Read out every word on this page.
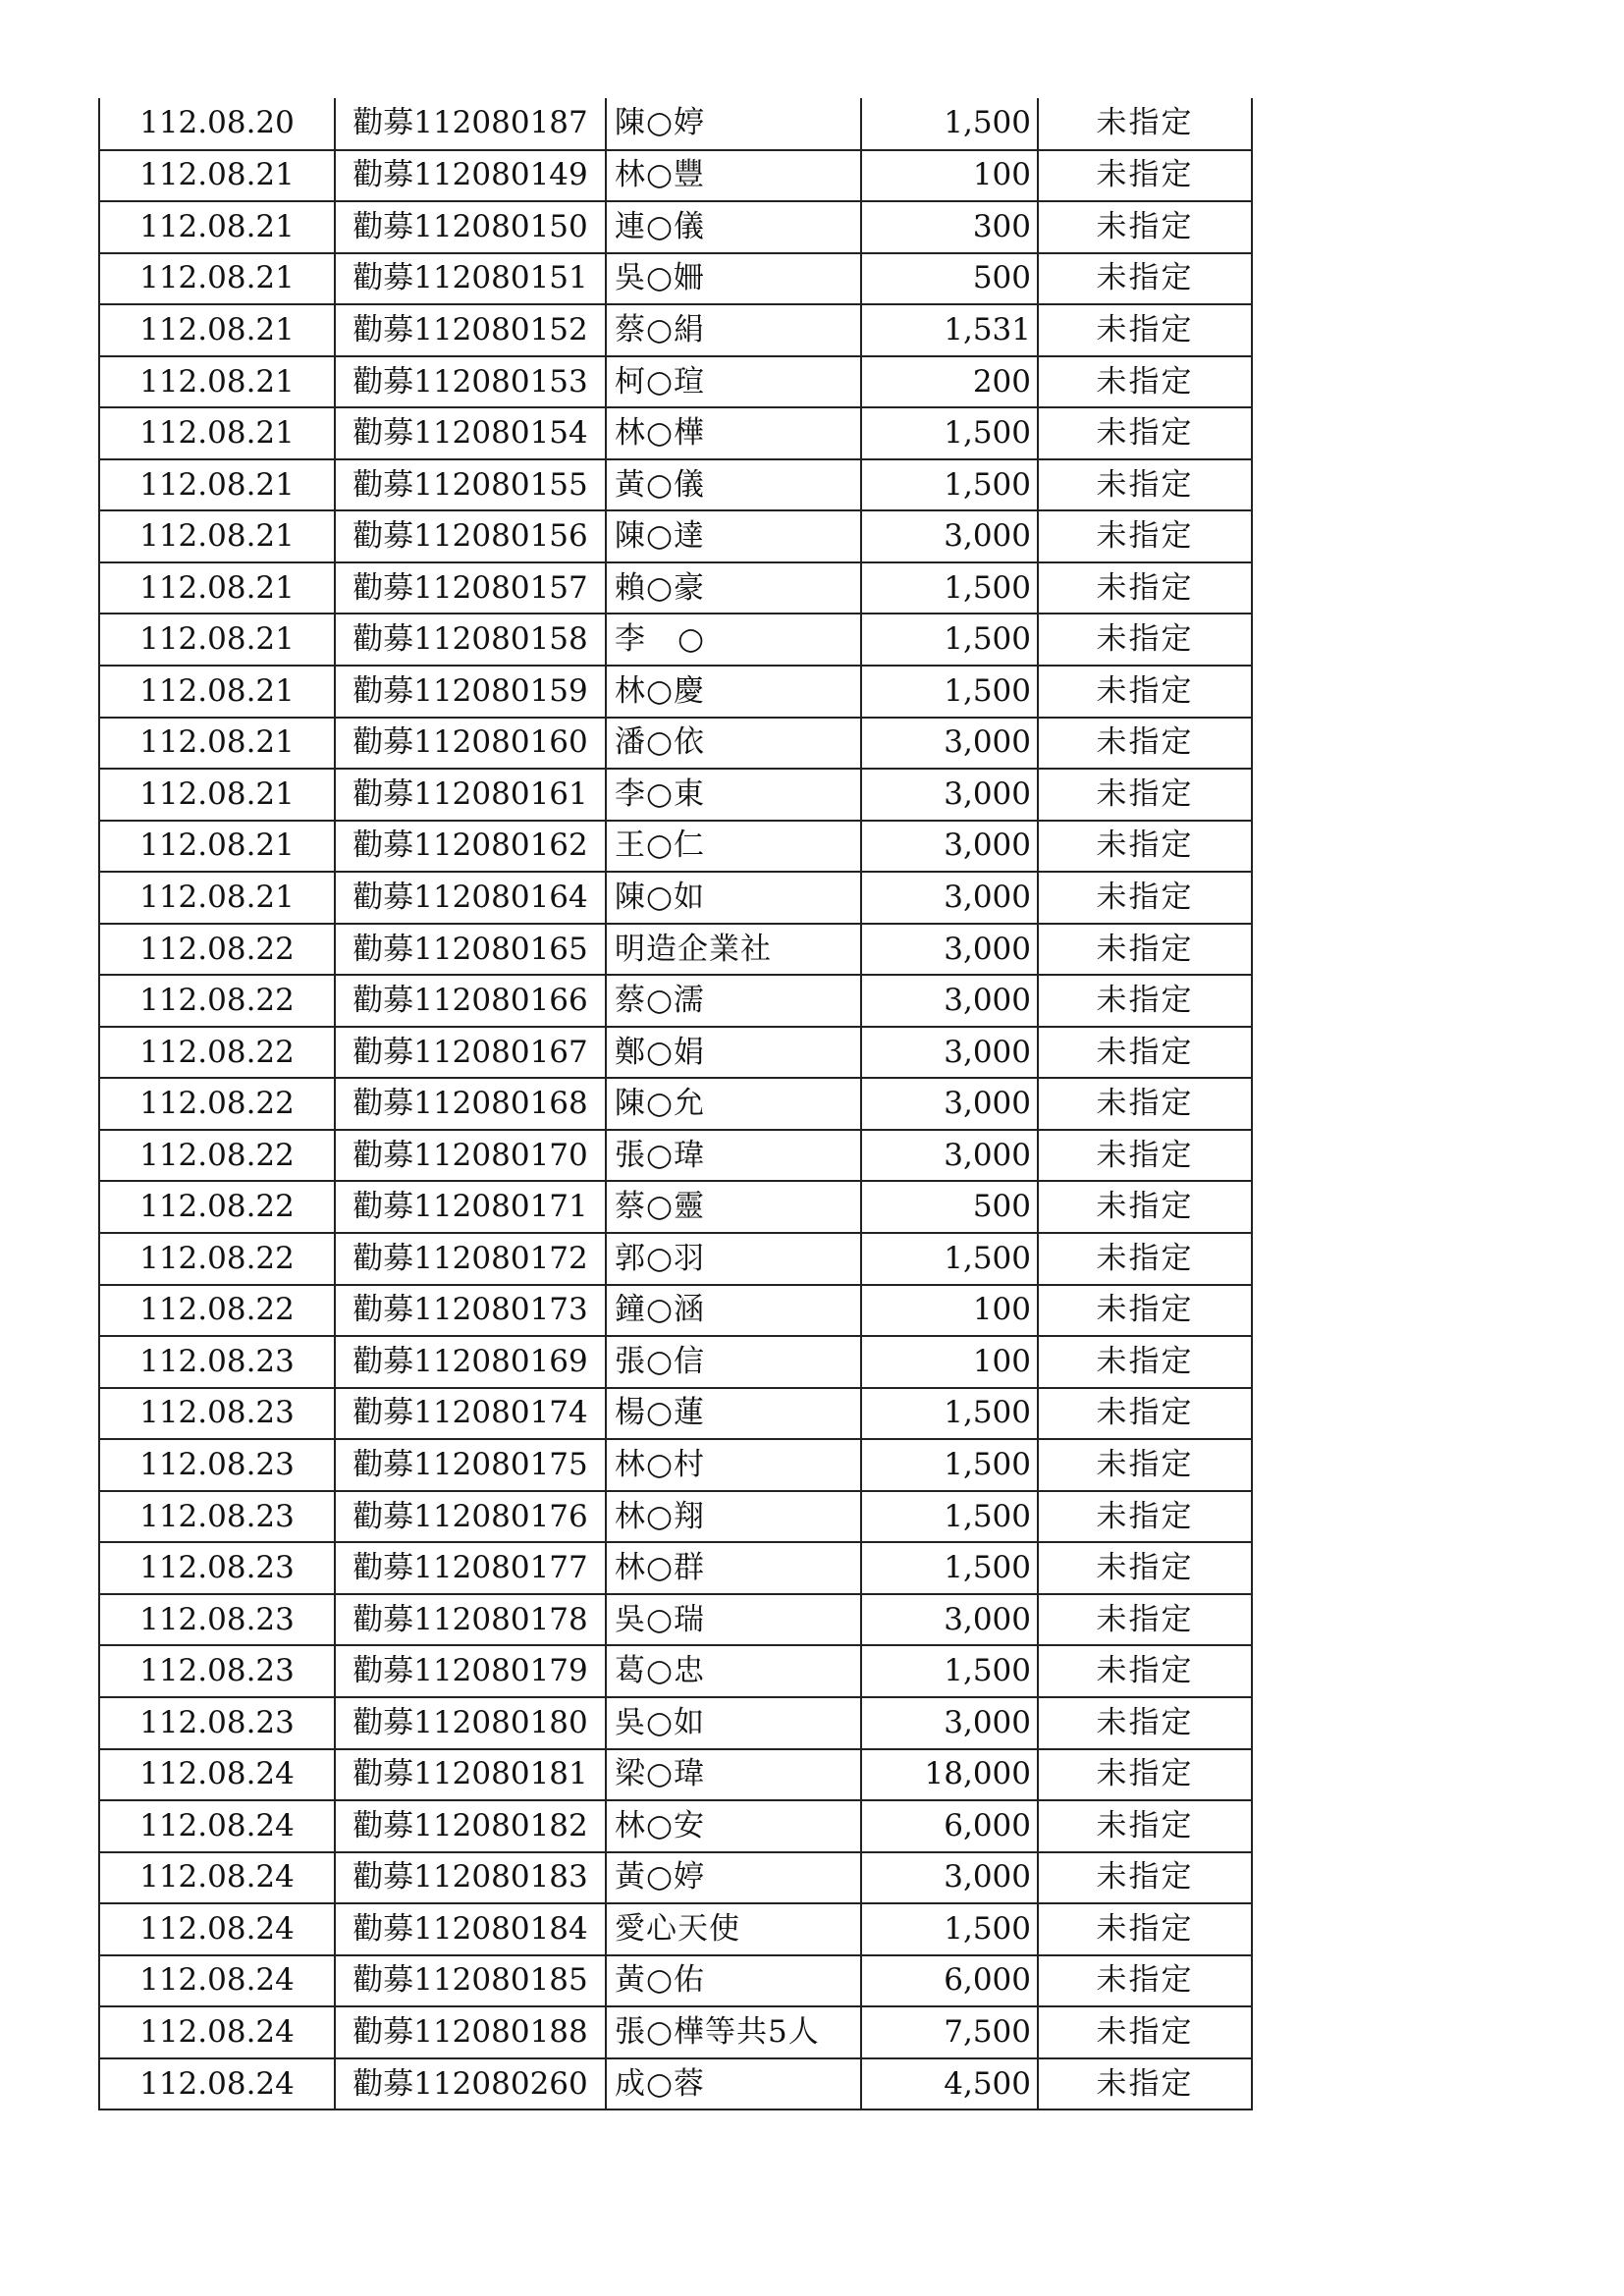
112.08.20	勸募112080187	陳○婷	1,500	未指定
112.08.21	勸募112080149	林○豐	100	未指定
112.08.21	勸募112080150	連○儀	300	未指定
112.08.21	勸募112080151	吳○姍	500	未指定
112.08.21	勸募112080152	蔡○絹	1,531	未指定
112.08.21	勸募112080153	柯○瑄	200	未指定
112.08.21	勸募112080154	林○樺	1,500	未指定
112.08.21	勸募112080155	黃○儀	1,500	未指定
112.08.21	勸募112080156	陳○達	3,000	未指定
112.08.21	勸募112080157	賴○豪	1,500	未指定
112.08.21	勸募112080158	李　○	1,500	未指定
112.08.21	勸募112080159	林○慶	1,500	未指定
112.08.21	勸募112080160	潘○依	3,000	未指定
112.08.21	勸募112080161	李○東	3,000	未指定
112.08.21	勸募112080162	王○仁	3,000	未指定
112.08.21	勸募112080164	陳○如	3,000	未指定
112.08.22	勸募112080165	明造企業社	3,000	未指定
112.08.22	勸募112080166	蔡○濡	3,000	未指定
112.08.22	勸募112080167	鄭○娟	3,000	未指定
112.08.22	勸募112080168	陳○允	3,000	未指定
112.08.22	勸募112080170	張○瑋	3,000	未指定
112.08.22	勸募112080171	蔡○靈	500	未指定
112.08.22	勸募112080172	郭○羽	1,500	未指定
112.08.22	勸募112080173	鐘○涵	100	未指定
112.08.23	勸募112080169	張○信	100	未指定
112.08.23	勸募112080174	楊○蓮	1,500	未指定
112.08.23	勸募112080175	林○村	1,500	未指定
112.08.23	勸募112080176	林○翔	1,500	未指定
112.08.23	勸募112080177	林○群	1,500	未指定
112.08.23	勸募112080178	吳○瑞	3,000	未指定
112.08.23	勸募112080179	葛○忠	1,500	未指定
112.08.23	勸募112080180	吳○如	3,000	未指定
112.08.24	勸募112080181	梁○瑋	18,000	未指定
112.08.24	勸募112080182	林○安	6,000	未指定
112.08.24	勸募112080183	黃○婷	3,000	未指定
112.08.24	勸募112080184	愛心天使	1,500	未指定
112.08.24	勸募112080185	黃○佑	6,000	未指定
112.08.24	勸募112080188	張○樺等共5人	7,500	未指定
112.08.24	勸募112080260	成○蓉	4,500	未指定
